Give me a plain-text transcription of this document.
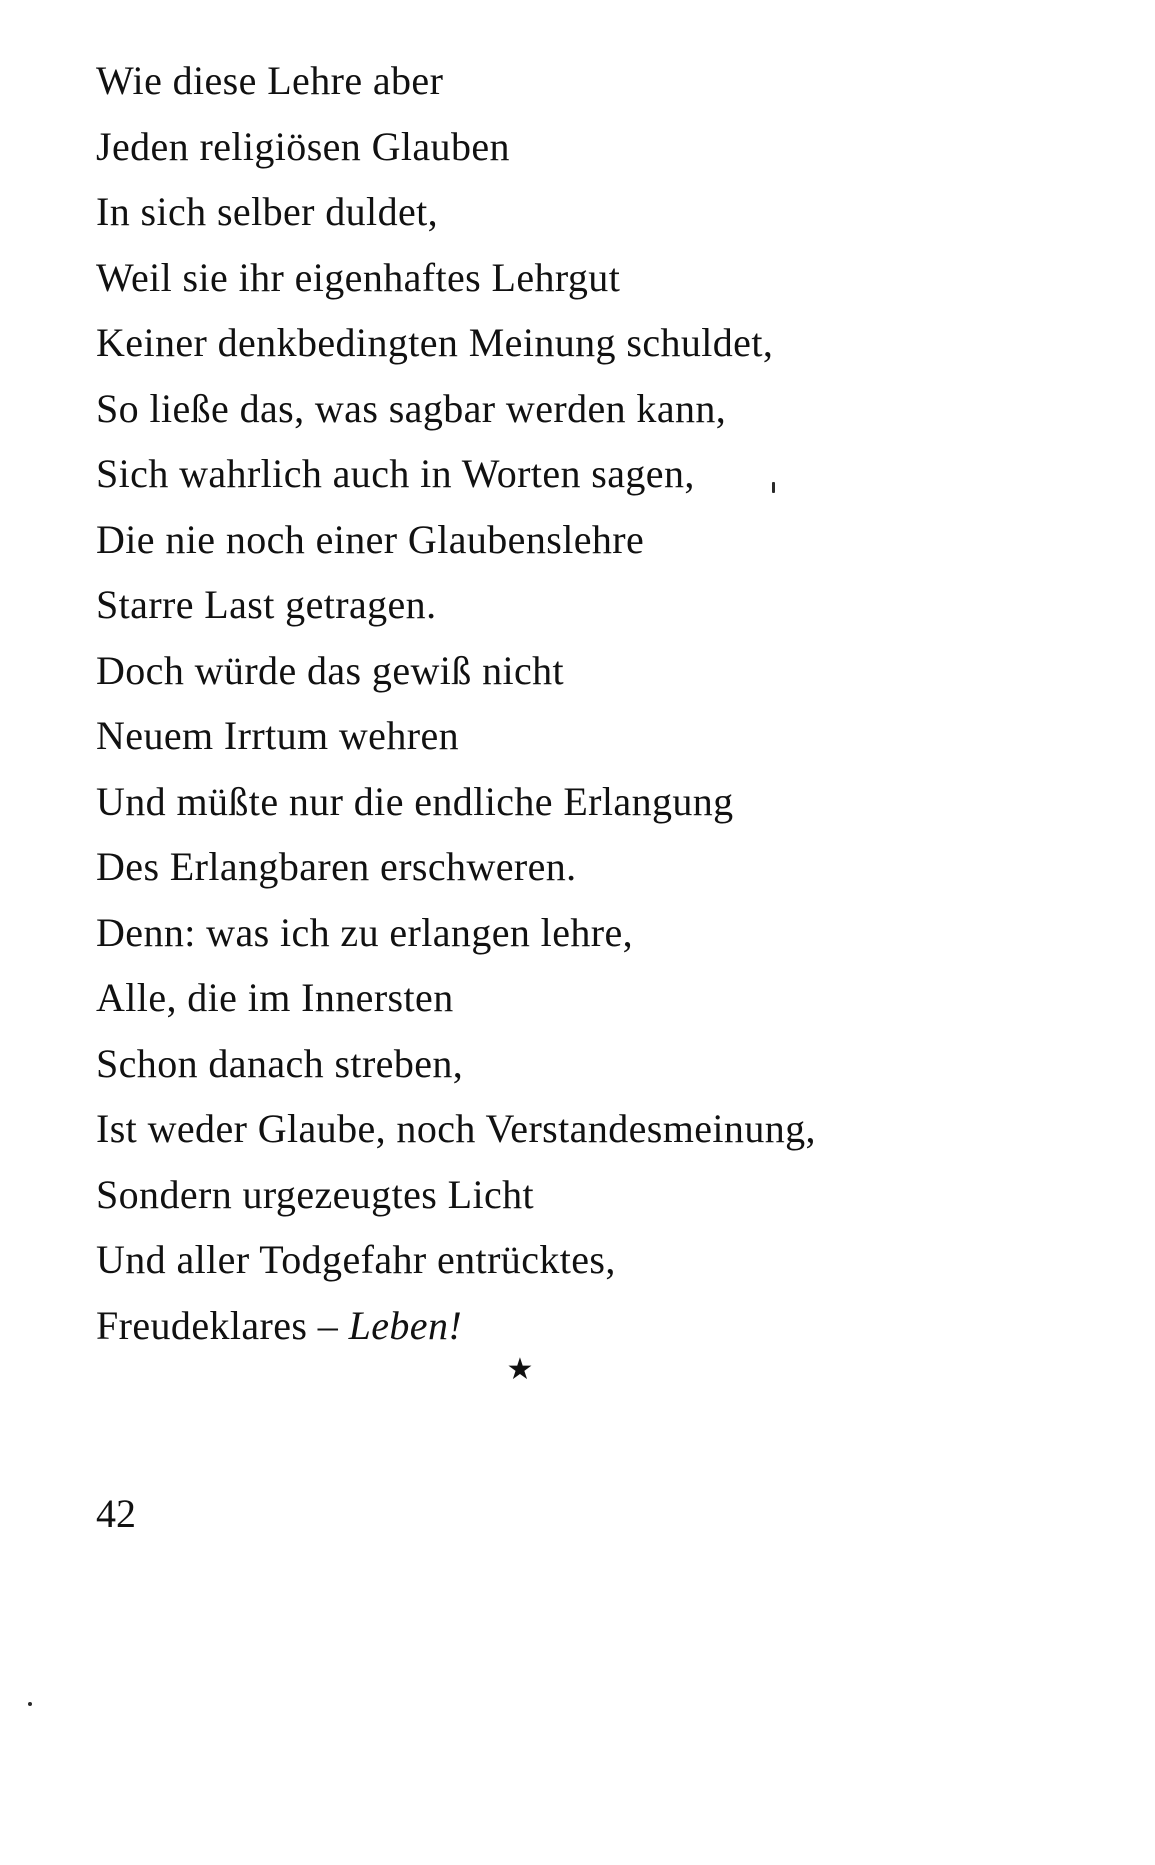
Wie diese Lehre aber
Jeden religiösen Glauben
In sich selber duldet,
Weil sie ihr eigenhaftes Lehrgut
Keiner denkbedingten Meinung schuldet,
So ließe das, was sagbar werden kann,
Sich wahrlich auch in Worten sagen,
Die nie noch einer Glaubenslehre
Starre Last getragen.
Doch würde das gewiß nicht
Neuem Irrtum wehren
Und müßte nur die endliche Erlangung
Des Erlangbaren erschweren.
Denn: was ich zu erlangen lehre,
Alle, die im Innersten
Schon danach streben,
Ist weder Glaube, noch Verstandesmeinung,
Sondern urgezeugtes Licht
Und aller Todgefahr entrücktes,
Freudeklares – Leben!
★
42
